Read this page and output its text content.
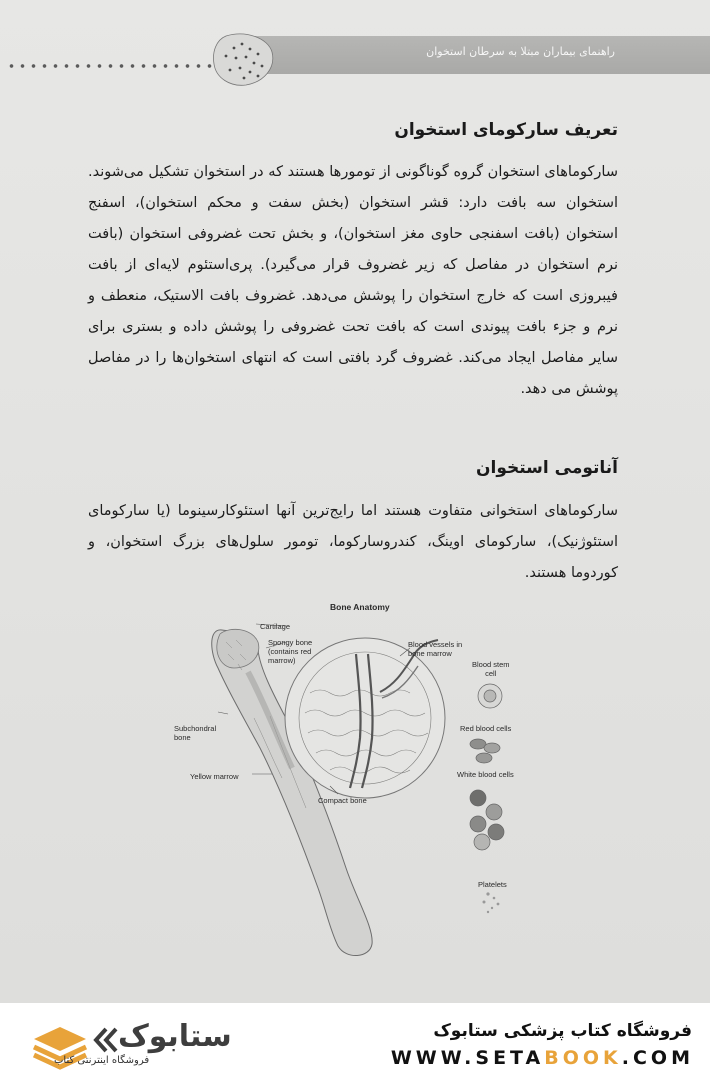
راهنمای بیماران مبتلا به سرطان استخوان
تعریف سارکومای استخوان

سارکوماهای استخوان گروه گوناگونی از تومورها هستند که در استخوان تشکیل می‌شوند. استخوان سه بافت دارد: قشر استخوان (بخش سفت و محکم استخوان)، اسفنج استخوان (بافت اسفنجی حاوی مغز استخوان)، و بخش تحت غضروفی استخوان (بافت نرم استخوان در مفاصل که زیر غضروف قرار می‌گیرد). پری‌استئوم لایه‌ای از بافت فیبروزی است که خارج استخوان را پوشش می‌دهد. غضروف بافت الاستیک، منعطف و نرم و جزء بافت پیوندی است که بافت تحت غضروفی را پوشش داده و بستری برای سایر مفاصل ایجاد می‌کند. غضروف گرد بافتی است که انتهای استخوان‌ها را در مفاصل پوشش می دهد.

آناتومی استخوان

سارکوماهای استخوانی متفاوت هستند اما رایج‌ترین آنها استئوکارسینوما (یا سارکومای استئوژنیک)، سارکومای اوینگ، کندروسارکوما، تومور سلول‌های بزرگ استخوان، و کوردوما هستند.

Bone Anatomy
Cartilage
Spongy bone
(contains red
marrow)
Blood vessels in
bone marrow
Blood stem
cell
Subchondral
bone
Red blood cells
Yellow marrow	White blood cells
Compact bone
Platelets
ستابوک
فروشگاه اینترنتی کتاب
فروشگاه کتاب پزشکی ستابوک
WWW.SETABOOK.COM
